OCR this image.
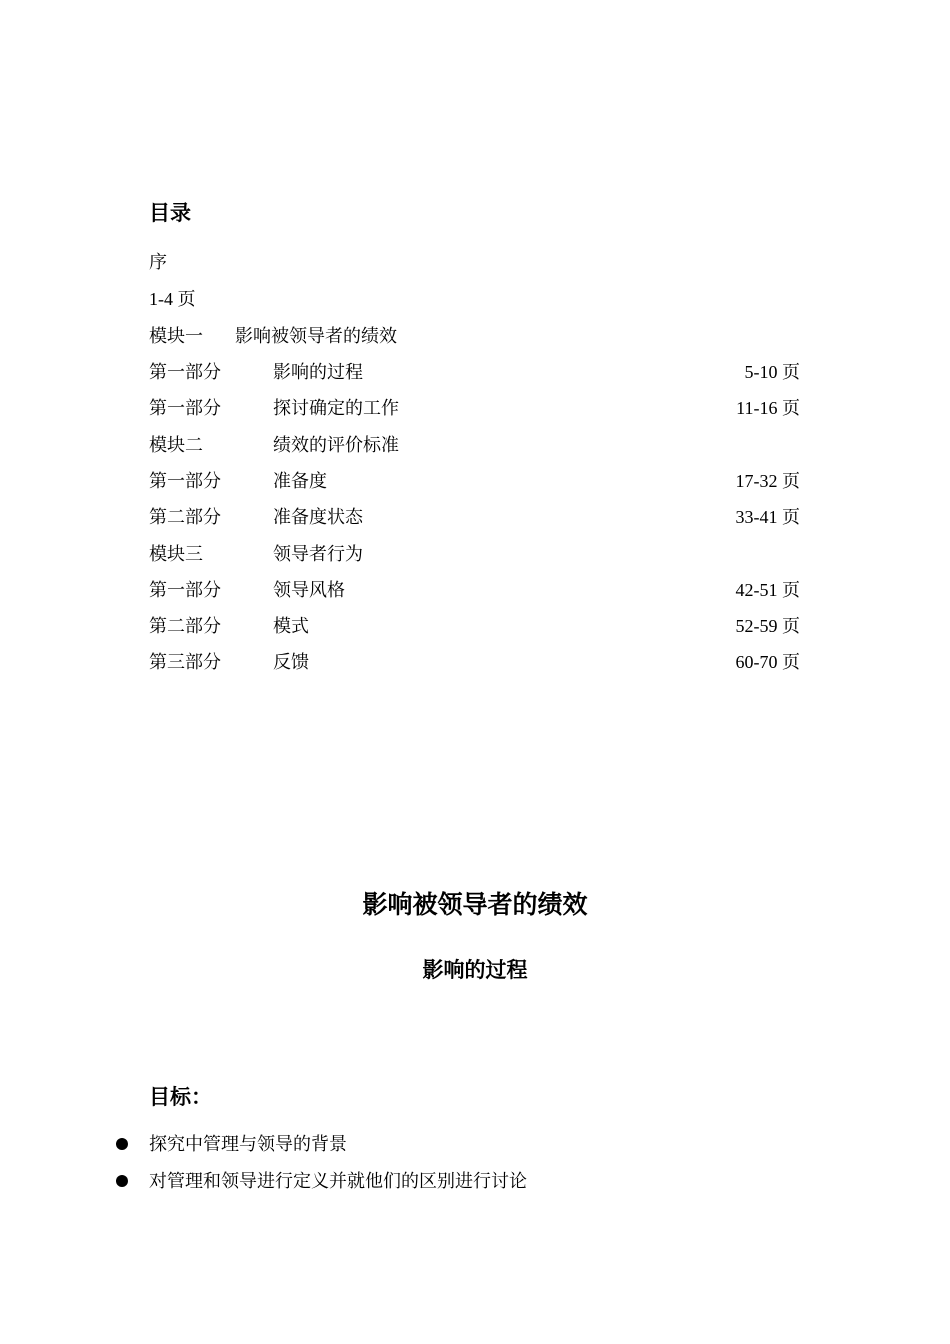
目录
序
1-4 页
模块一 影响被领导者的绩效
第一部分	影响的过程	5-10 页
第一部分	探讨确定的工作	11-16 页
模块二	绩效的评价标准
第一部分	准备度	17-32 页
第二部分	准备度状态	33-41 页
模块三	领导者行为
第一部分	领导风格	42-51 页
第二部分	模式	52-59 页
第三部分	反馈	60-70 页
影响被领导者的绩效
影响的过程
目标：
探究中管理与领导的背景
对管理和领导进行定义并就他们的区别进行讨论
